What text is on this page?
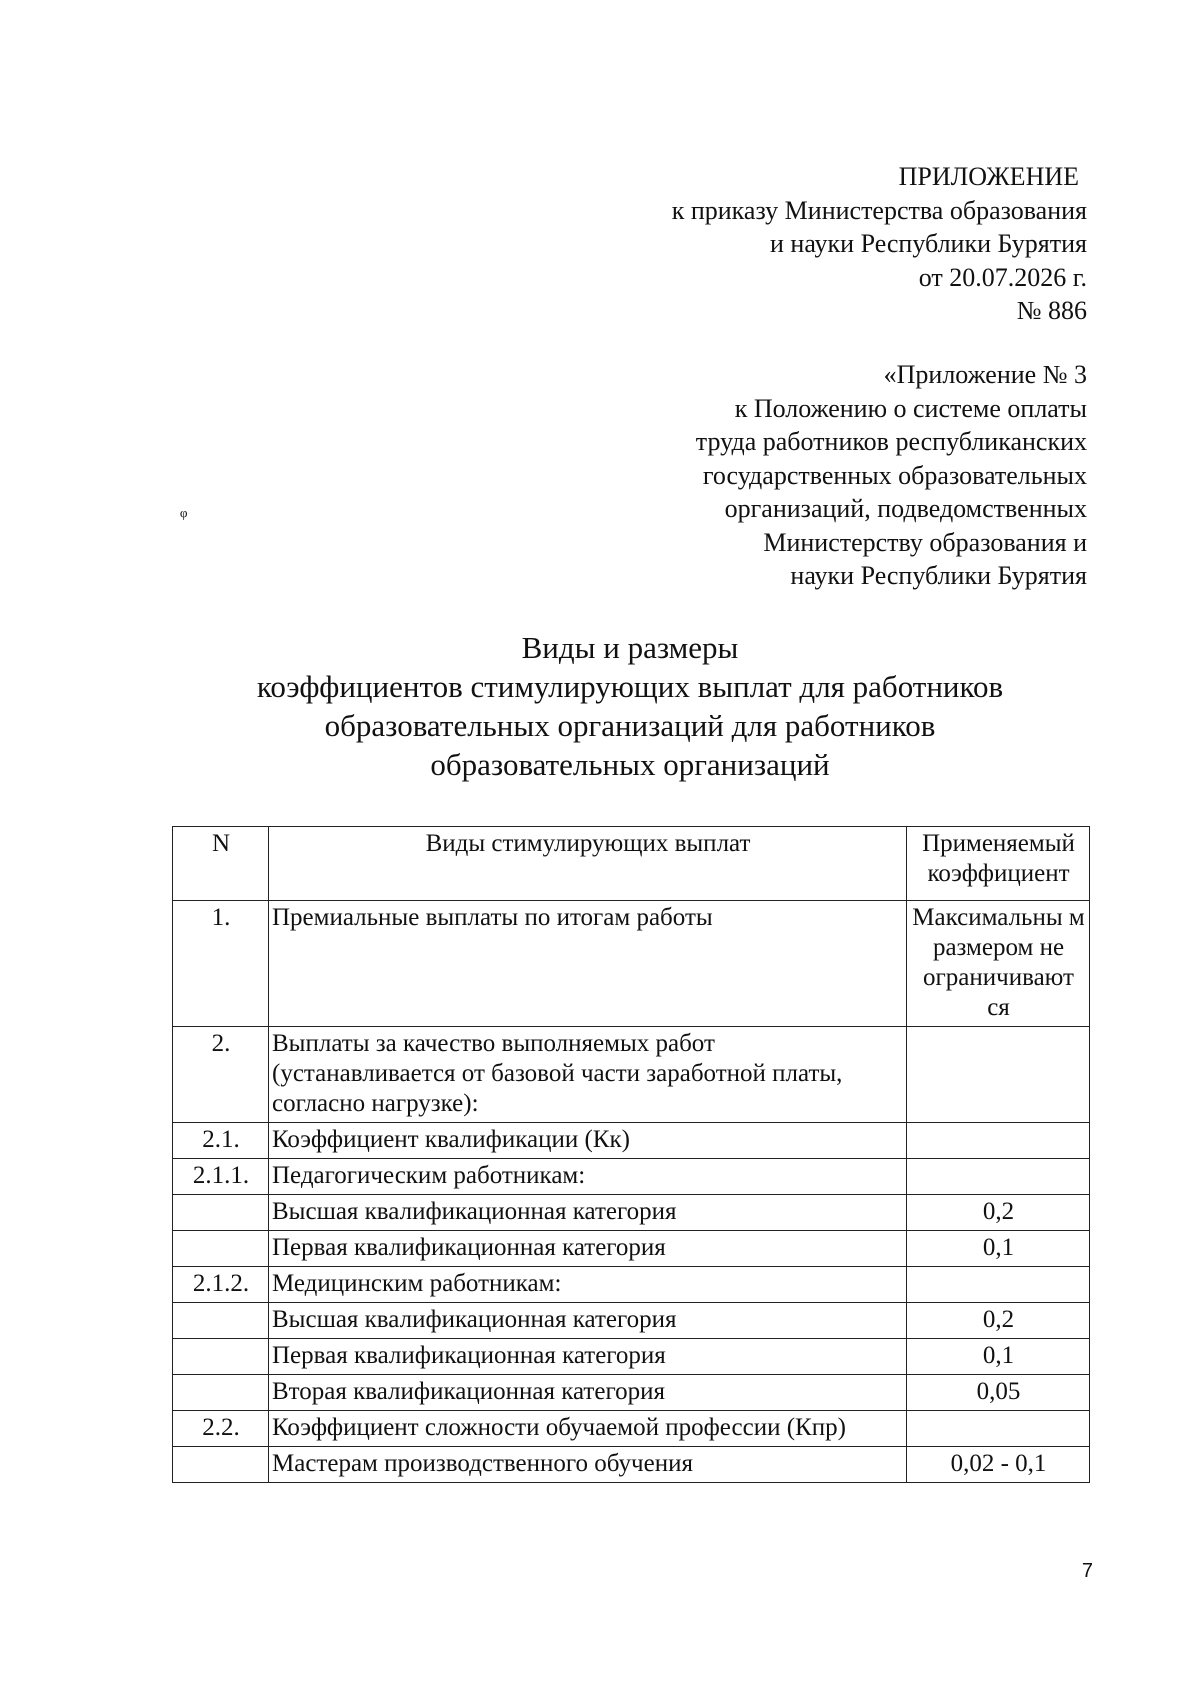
ПРИЛОЖЕНИЕ
к приказу Министерства образования
и науки Республики Бурятия
от 20.07.2026 г.
№ 886
«Приложение № 3
к Положению о системе оплаты
труда работников республиканских
государственных образовательных
организаций, подведомственных
Министерству образования и
науки Республики Бурятия
ᵩ
Виды и размеры
коэффициентов стимулирующих выплат для работников
образовательных организаций для работников
образовательных организаций
N	Виды стимулирующих выплат	Применяемый коэффициент
1.	Премиальные выплаты по итогам работы	Максимальны м размером не ограничивают ся
2.	Выплаты за качество выполняемых работ (устанавливается от базовой части заработной платы, согласно нагрузке):	
2.1.	Коэффициент квалификации (Кк)	
2.1.1.	Педагогическим работникам:	
	Высшая квалификационная категория	0,2
	Первая квалификационная категория	0,1
2.1.2.	Медицинским работникам:	
	Высшая квалификационная категория	0,2
	Первая квалификационная категория	0,1
	Вторая квалификационная категория	0,05
2.2.	Коэффициент сложности обучаемой профессии (Кпр)	
	Мастерам производственного обучения	0,02 - 0,1
7
